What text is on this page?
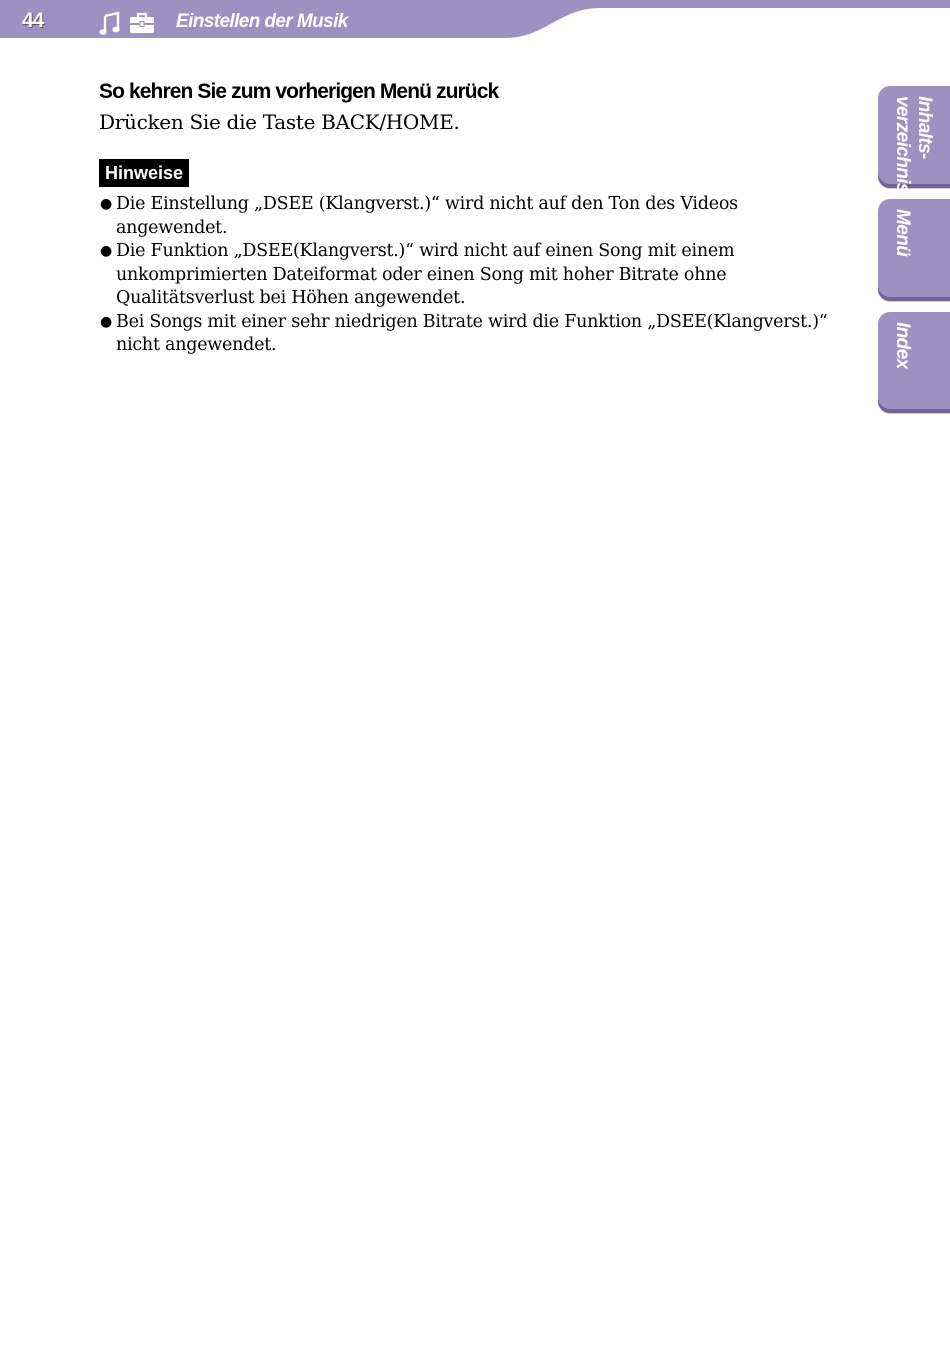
44	Einstellen der Musik
Inhalts-
verzeichnis
Menü
Index
So kehren Sie zum vorherigen Menü zurück

Drücken Sie die Taste BACK/HOME.

Hinweise
● Die Einstellung „DSEE (Klangverst.)“ wird nicht auf den Ton des Videos angewendet.
● Die Funktion „DSEE(Klangverst.)“ wird nicht auf einen Song mit einem unkomprimierten Dateiformat oder einen Song mit hoher Bitrate ohne Qualitätsverlust bei Höhen angewendet.
● Bei Songs mit einer sehr niedrigen Bitrate wird die Funktion „DSEE(Klangverst.)“ nicht angewendet.
